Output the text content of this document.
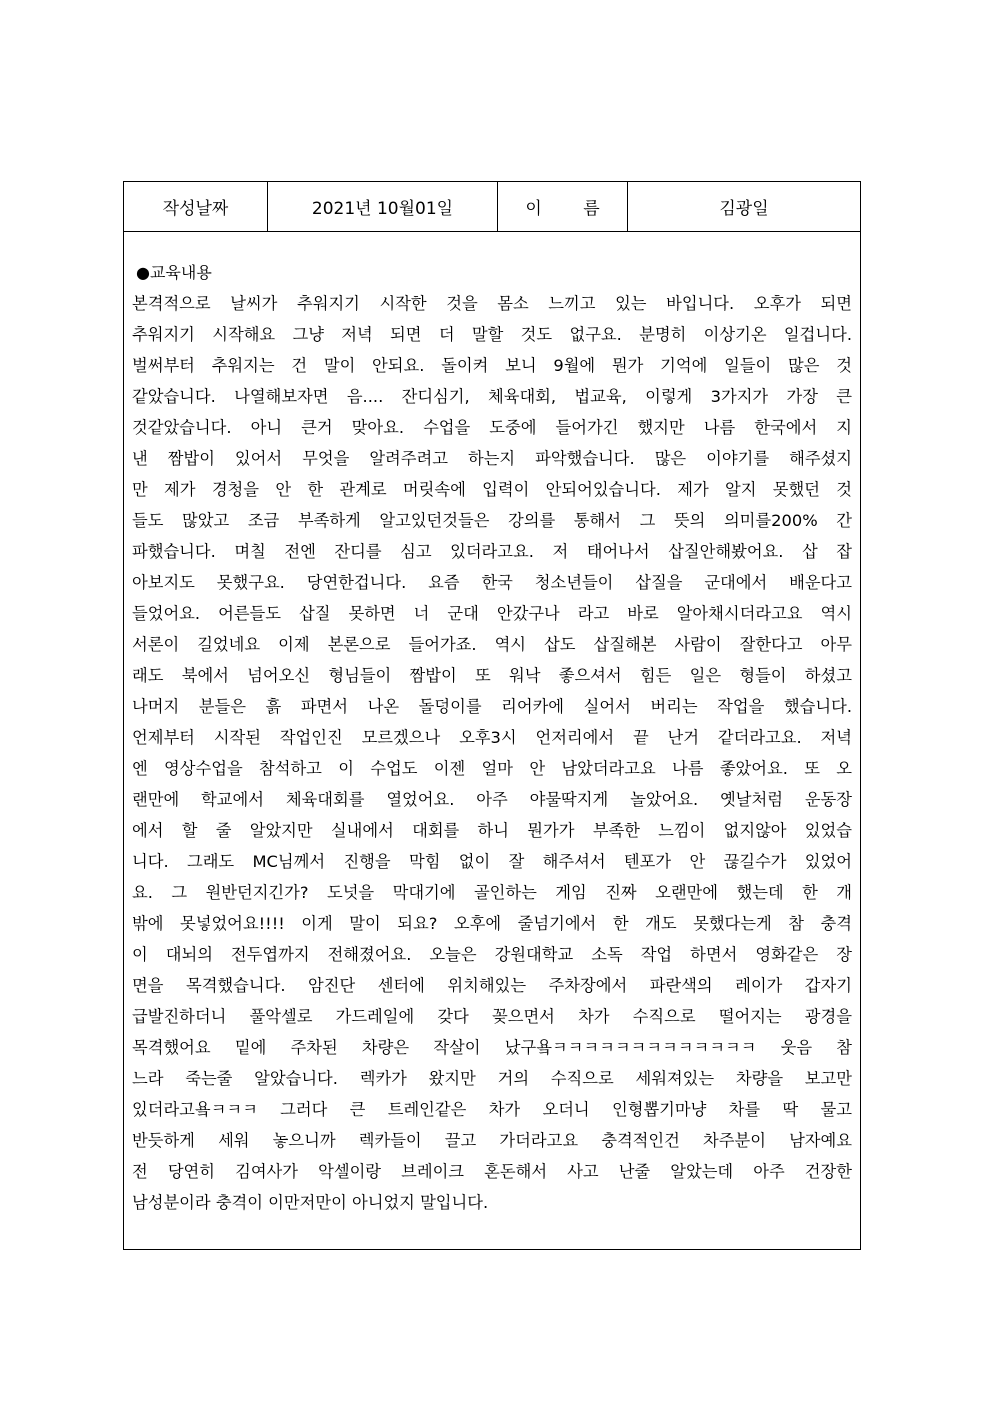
작성날짜	2021년 10월01일	이 름	김광일
●교육내용
본격적으로 날씨가 추워지기 시작한 것을 몸소 느끼고 있는 바입니다. 오후가 되면
추워지기 시작해요 그냥 저녁 되면 더 말할 것도 없구요. 분명히 이상기온 일겁니다.
벌써부터 추워지는 건 말이 안되요. 돌이켜 보니 9월에 뭔가 기억에 일들이 많은 것
같았습니다. 나열해보자면 음.... 잔디심기, 체육대회, 법교육, 이렇게 3가지가 가장 큰
것같았습니다. 아니 큰거 맞아요. 수업을 도중에 들어가긴 했지만 나름 한국에서 지
낸 짬밥이 있어서 무엇을 알려주려고 하는지 파악했습니다. 많은 이야기를 해주셨지
만 제가 경청을 안 한 관계로 머릿속에 입력이 안되어있습니다. 제가 알지 못했던 것
들도 많았고 조금 부족하게 알고있던것들은 강의를 통해서 그 뜻의 의미를200% 간
파했습니다. 며칠 전엔 잔디를 심고 있더라고요. 저 태어나서 삽질안해봤어요. 삽 잡
아보지도 못했구요. 당연한겁니다. 요즘 한국 청소년들이 삽질을 군대에서 배운다고
들었어요. 어른들도 삽질 못하면 너 군대 안갔구나 라고 바로 알아채시더라고요 역시
서론이 길었네요 이제 본론으로 들어가죠. 역시 삽도 삽질해본 사람이 잘한다고 아무
래도 북에서 넘어오신 형님들이 짬밥이 또 워낙 좋으셔서 힘든 일은 형들이 하셨고
나머지 분들은 흙 파면서 나온 돌덩이를 리어카에 실어서 버리는 작업을 했습니다.
언제부터 시작된 작업인진 모르겠으나 오후3시 언저리에서 끝 난거 같더라고요. 저녁
엔 영상수업을 참석하고 이 수업도 이젠 얼마 안 남았더라고요 나름 좋았어요. 또 오
랜만에 학교에서 체육대회를 열었어요. 아주 야물딱지게 놀았어요. 옛날처럼 운동장
에서 할 줄 알았지만 실내에서 대회를 하니 뭔가가 부족한 느낌이 없지않아 있었습
니다. 그래도 MC님께서 진행을 막힘 없이 잘 해주셔서 텐포가 안 끊길수가 있었어
요. 그 원반던지긴가? 도넛을 막대기에 골인하는 게임 진짜 오랜만에 했는데 한 개
밖에 못넣었어요!!!! 이게 말이 되요? 오후에 줄넘기에서 한 개도 못했다는게 참 충격
이 대뇌의 전두엽까지 전해졌어요. 오늘은 강원대학교 소독 작업 하면서 영화같은 장
면을 목격했습니다. 암진단 센터에 위치해있는 주차장에서 파란색의 레이가 갑자기
급발진하더니 풀악셀로 가드레일에 갖다 꽂으면서 차가 수직으로 떨어지는 광경을
목격했어요 밑에 주차된 차량은 작살이 났구욬ㅋㅋㅋㅋㅋㅋㅋㅋㅋㅋㅋㅋㅋ 웃음 참
느라 죽는줄 알았습니다. 렉카가 왔지만 거의 수직으로 세워져있는 차량을 보고만
있더라고욬ㅋㅋㅋ 그러다 큰 트레인같은 차가 오더니 인형뽑기마냥 차를 딱 물고
반듯하게 세워 놓으니까 렉카들이 끌고 가더라고요 충격적인건 차주분이 남자예요
전 당연히 김여사가 악셀이랑 브레이크 혼돈해서 사고 난줄 알았는데 아주 건장한
남성분이라 충격이 이만저만이 아니었지 말입니다.
